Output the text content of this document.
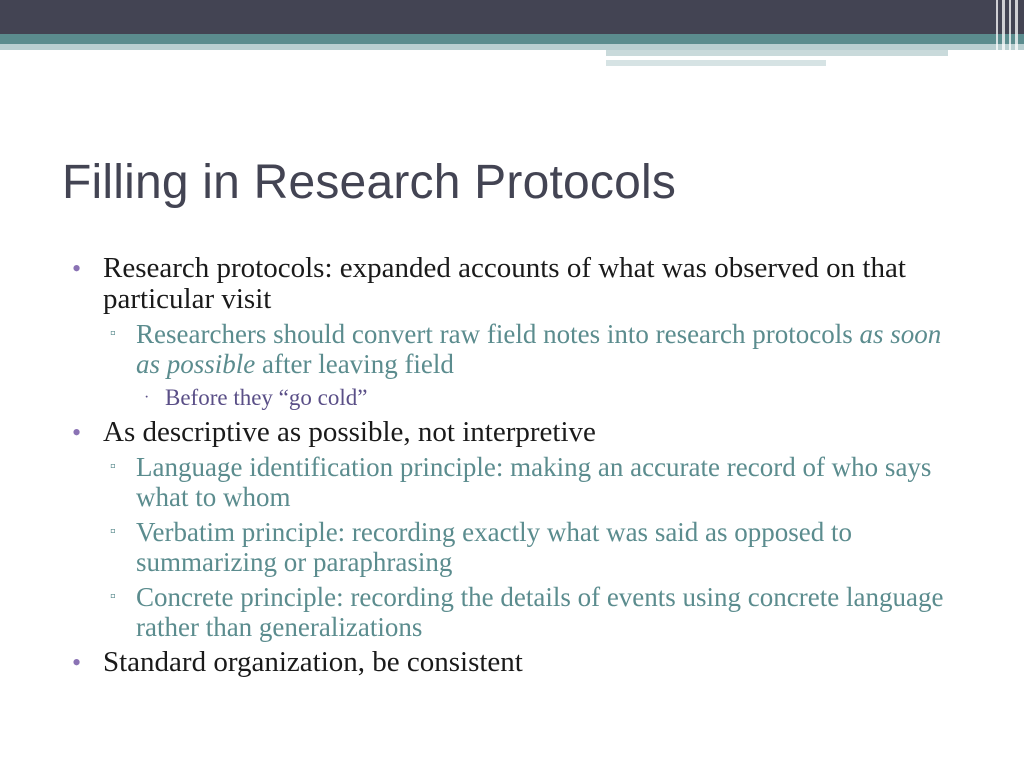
Filling in Research Protocols
• Research protocols: expanded accounts of what was observed on that particular visit
▫ Researchers should convert raw field notes into research protocols as soon as possible after leaving field
· Before they “go cold”
• As descriptive as possible, not interpretive
▫ Language identification principle: making an accurate record of who says what to whom
▫ Verbatim principle: recording exactly what was said as opposed to summarizing or paraphrasing
▫ Concrete principle: recording the details of events using concrete language rather than generalizations
• Standard organization, be consistent
